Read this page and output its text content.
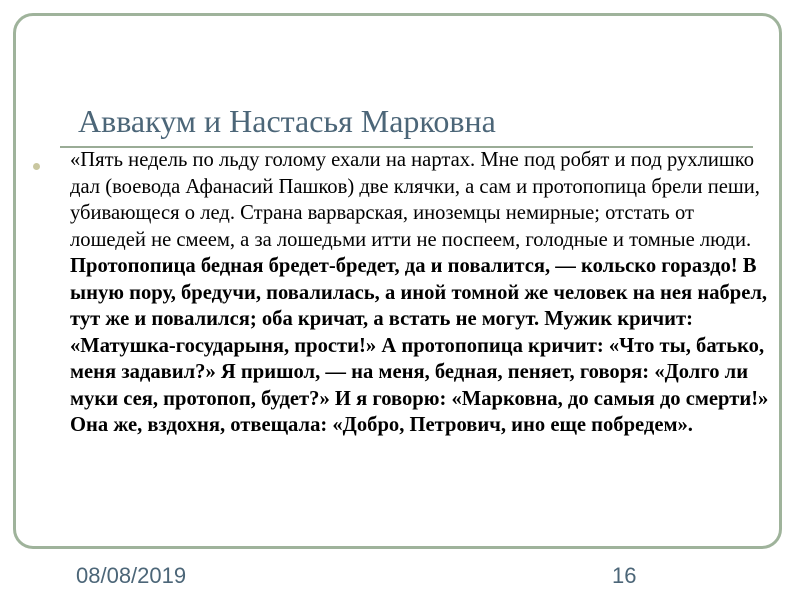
Аввакум и Настасья Марковна

«Пять недель по льду голому ехали на нартах. Мне под робят и под рухлишко дал (воевода Афанасий Пашков) две клячки, а сам и протопопица брели пеши, убивающеся о лед. Страна варварская, иноземцы немирные; отстать от лошедей не смеем, а за лошедьми итти не поспеем, голодные и томные люди. Протопопица бедная бредет-бредет, да и повалится, — кольско гораздо! В ыную пору, бредучи, повалилась, а иной томной же человек на нея набрел, тут же и повалился; оба кричат, а встать не могут. Мужик кричит: «Матушка-государыня, прости!» А протопопица кричит: «Что ты, батько, меня задавил?» Я пришол, — на меня, бедная, пеняет, говоря: «Долго ли муки сея, протопоп, будет?» И я говорю: «Марковна, до самыя до смерти!» Она же, вздохня, отвещала: «Добро, Петрович, ино еще побредем».

08/08/2019	16
